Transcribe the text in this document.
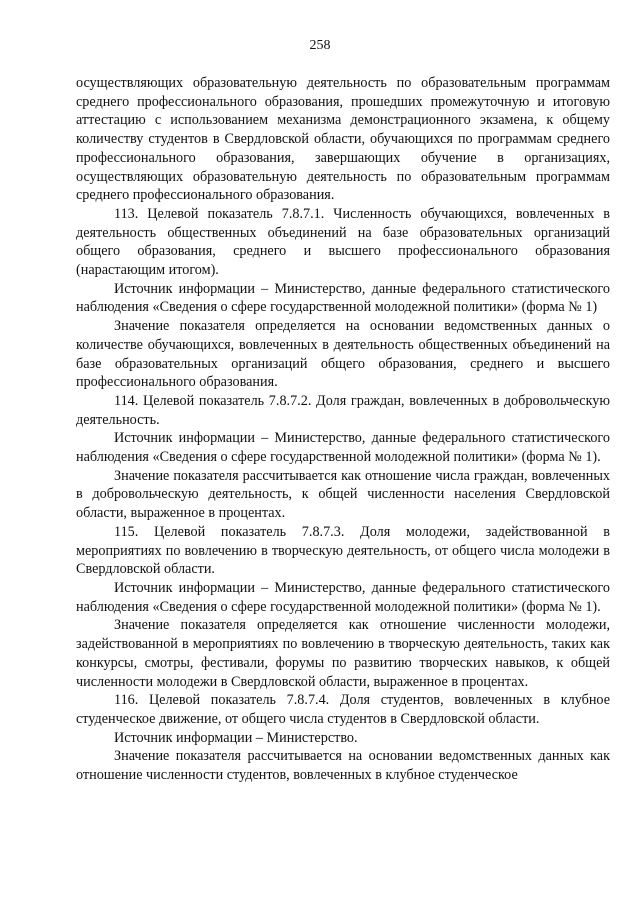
258

осуществляющих образовательную деятельность по образовательным программам среднего профессионального образования, прошедших промежуточную и итоговую аттестацию с использованием механизма демонстрационного экзамена, к общему количеству студентов в Свердловской области, обучающихся по программам среднего профессионального образования, завершающих обучение в организациях, осуществляющих образовательную деятельность по образовательным программам среднего профессионального образования.

113. Целевой показатель 7.8.7.1. Численность обучающихся, вовлеченных в деятельность общественных объединений на базе образовательных организаций общего образования, среднего и высшего профессионального образования (нарастающим итогом).

Источник информации – Министерство, данные федерального статистического наблюдения «Сведения о сфере государственной молодежной политики» (форма № 1)

Значение показателя определяется на основании ведомственных данных о количестве обучающихся, вовлеченных в деятельность общественных объединений на базе образовательных организаций общего образования, среднего и высшего профессионального образования.

114. Целевой показатель 7.8.7.2. Доля граждан, вовлеченных в добровольческую деятельность.

Источник информации – Министерство, данные федерального статистического наблюдения «Сведения о сфере государственной молодежной политики» (форма № 1).

Значение показателя рассчитывается как отношение числа граждан, вовлеченных в добровольческую деятельность, к общей численности населения Свердловской области, выраженное в процентах.

115. Целевой показатель 7.8.7.3. Доля молодежи, задействованной в мероприятиях по вовлечению в творческую деятельность, от общего числа молодежи в Свердловской области.

Источник информации – Министерство, данные федерального статистического наблюдения «Сведения о сфере государственной молодежной политики» (форма № 1).

Значение показателя определяется как отношение численности молодежи, задействованной в мероприятиях по вовлечению в творческую деятельность, таких как конкурсы, смотры, фестивали, форумы по развитию творческих навыков, к общей численности молодежи в Свердловской области, выраженное в процентах.

116. Целевой показатель 7.8.7.4. Доля студентов, вовлеченных в клубное студенческое движение, от общего числа студентов в Свердловской области.

Источник информации – Министерство.

Значение показателя рассчитывается на основании ведомственных данных как отношение численности студентов, вовлеченных в клубное студенческое
